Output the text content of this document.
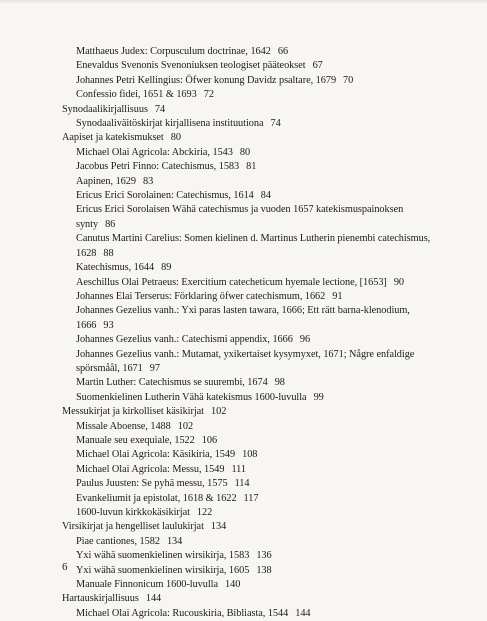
Matthaeus Judex: Corpusculum doctrinae, 1642 66
Enevaldus Svenonis Svenoniuksen teologiset pääteokset 67
Johannes Petri Kellingius: Öfwer konung Davidz psaltare, 1679 70
Confessio fidei, 1651 & 1693 72
Synodaalikirjallisuus 74
Synodaaliväitöskirjat kirjallisena instituutiona 74
Aapiset ja katekismukset 80
Michael Olai Agricola: Abckiria, 1543 80
Jacobus Petri Finno: Catechismus, 1583 81
Aapinen, 1629 83
Ericus Erici Sorolainen: Catechismus, 1614 84
Ericus Erici Sorolaisen Wähä catechismus ja vuoden 1657 katekismuspainoksen
synty 86
Canutus Martini Carelius: Somen kielinen d. Martinus Lutherin pienembi catechismus,
1628 88
Katechismus, 1644 89
Aeschillus Olai Petraeus: Exercitium catecheticum hyemale lectione, [1653] 90
Johannes Elai Terserus: Förklaring öfwer catechismum, 1662 91
Johannes Gezelius vanh.: Yxi paras lasten tawara, 1666; Ett rätt barna-klenodium,
1666 93
Johannes Gezelius vanh.: Catechismi appendix, 1666 96
Johannes Gezelius vanh.: Mutamat, yxikertaiset kysymyxet, 1671; Någre enfaldige
spörsmåål, 1671 97
Martin Luther: Catechismus se suurembi, 1674 98
Suomenkielinen Lutherin Vähä katekismus 1600-luvulla 99
Messukirjat ja kirkolliset käsikirjat 102
Missale Aboense, 1488 102
Manuale seu exequiale, 1522 106
Michael Olai Agricola: Käsikiria, 1549 108
Michael Olai Agricola: Messu, 1549 111
Paulus Juusten: Se pyhä messu, 1575 114
Evankeliumit ja epistolat, 1618 & 1622 117
1600-luvun kirkkokäsikirjat 122
Virsikirjat ja hengelliset laulukirjat 134
Piae cantiones, 1582 134
Yxi wähä suomenkielinen wirsikirja, 1583 136
Yxi wähä suomenkielinen wirsikirja, 1605 138
Manuale Finnonicum 1600-luvulla 140
Hartauskirjallisuus 144
Michael Olai Agricola: Rucouskiria, Bibliasta, 1544 144
6
